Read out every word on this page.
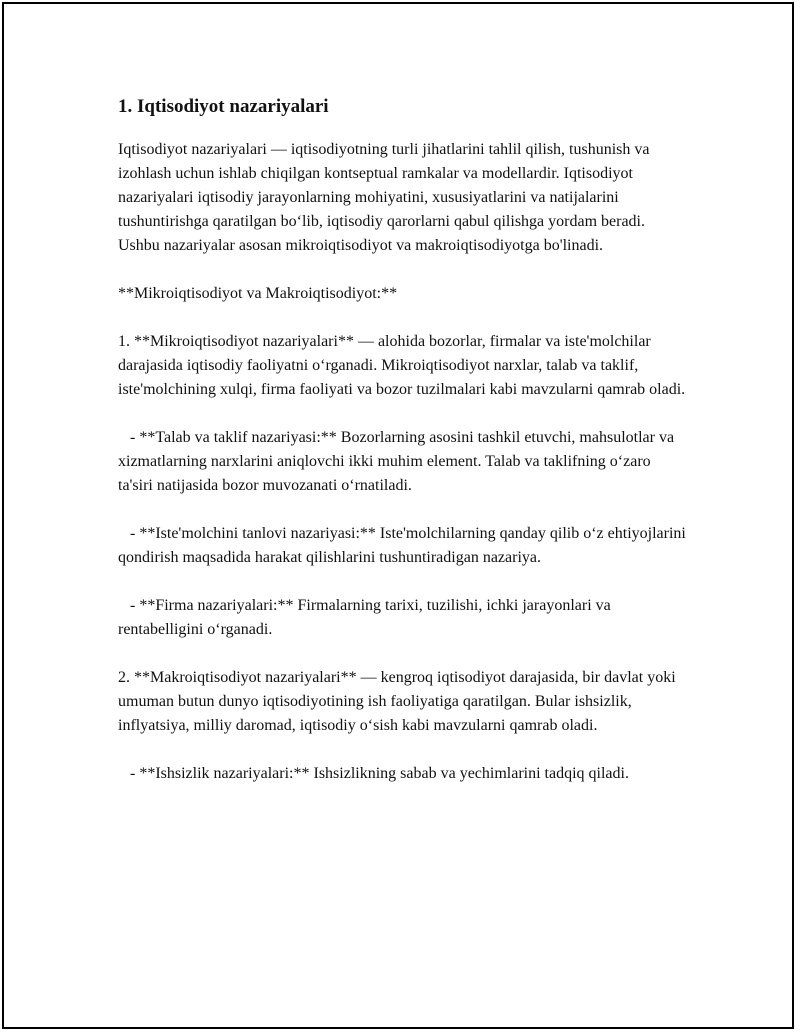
1. Iqtisodiyot nazariyalari

Iqtisodiyot nazariyalari — iqtisodiyotning turli jihatlarini tahlil qilish, tushunish va izohlash uchun ishlab chiqilgan kontseptual ramkalar va modellardir. Iqtisodiyot nazariyalari iqtisodiy jarayonlarning mohiyatini, xususiyatlarini va natijalarini tushuntirishga qaratilgan bo‘lib, iqtisodiy qarorlarni qabul qilishga yordam beradi. Ushbu nazariyalar asosan mikroiqtisodiyot va makroiqtisodiyotga bo'linadi.

**Mikroiqtisodiyot va Makroiqtisodiyot:**

1. **Mikroiqtisodiyot nazariyalari** — alohida bozorlar, firmalar va iste'molchilar darajasida iqtisodiy faoliyatni o‘rganadi. Mikroiqtisodiyot narxlar, talab va taklif, iste'molchining xulqi, firma faoliyati va bozor tuzilmalari kabi mavzularni qamrab oladi.

- **Talab va taklif nazariyasi:** Bozorlarning asosini tashkil etuvchi, mahsulotlar va xizmatlarning narxlarini aniqlovchi ikki muhim element. Talab va taklifning o‘zaro ta'siri natijasida bozor muvozanati o‘rnatiladi.

- **Iste'molchini tanlovi nazariyasi:** Iste'molchilarning qanday qilib o‘z ehtiyojlarini qondirish maqsadida harakat qilishlarini tushuntiradigan nazariya.

- **Firma nazariyalari:** Firmalarning tarixi, tuzilishi, ichki jarayonlari va rentabelligini o‘rganadi.

2. **Makroiqtisodiyot nazariyalari** — kengroq iqtisodiyot darajasida, bir davlat yoki umuman butun dunyo iqtisodiyotining ish faoliyatiga qaratilgan. Bular ishsizlik, inflyatsiya, milliy daromad, iqtisodiy o‘sish kabi mavzularni qamrab oladi.

- **Ishsizlik nazariyalari:** Ishsizlikning sabab va yechimlarini tadqiq qiladi.
